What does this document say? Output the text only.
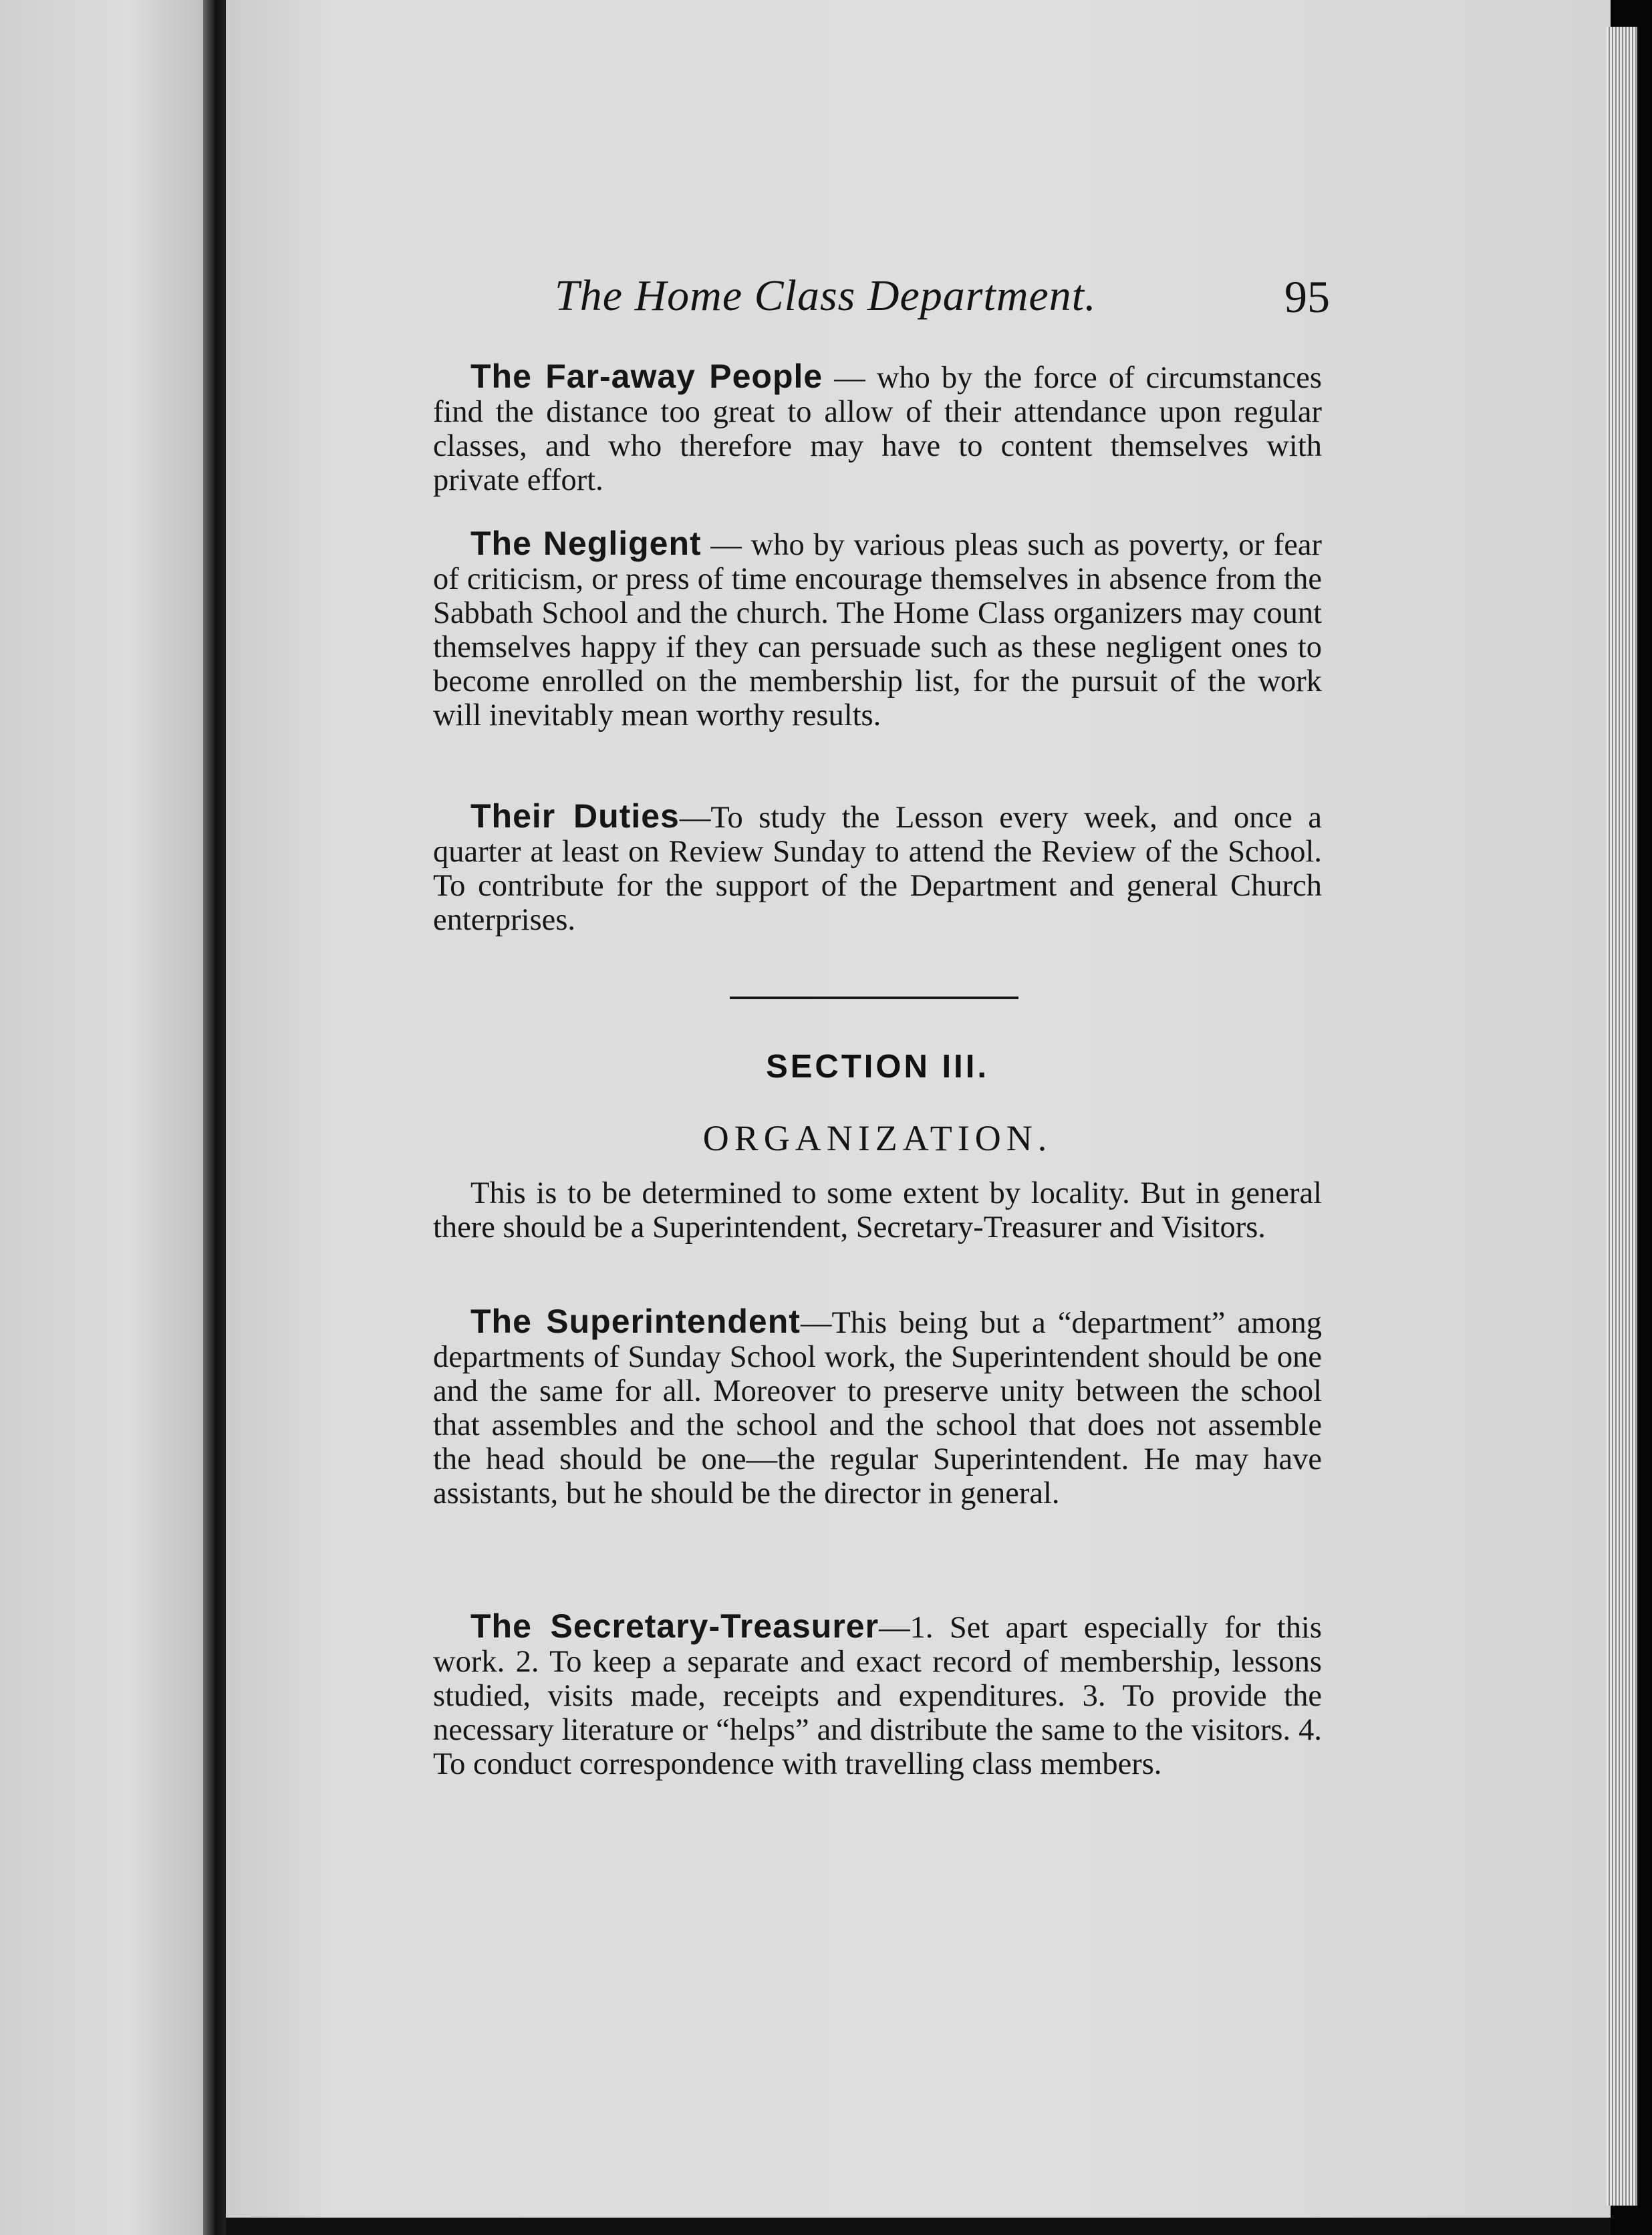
The Home Class Department.	95

The Far-away People — who by the force of circumstances find the distance too great to allow of their attendance upon regular classes, and who therefore may have to content themselves with private effort.

The Negligent — who by various pleas such as poverty, or fear of criticism, or press of time encourage themselves in absence from the Sabbath School and the church. The Home Class organizers may count themselves happy if they can persuade such as these negligent ones to become enrolled on the membership list, for the pursuit of the work will inevitably mean worthy results.

Their Duties—To study the Lesson every week, and once a quarter at least on Review Sunday to attend the Review of the School. To contribute for the support of the Department and general Church enterprises.

SECTION III.
ORGANIZATION.

This is to be determined to some extent by locality. But in general there should be a Superintendent, Secretary-Treasurer and Visitors.

The Superintendent—This being but a “department” among departments of Sunday School work, the Superintendent should be one and the same for all. Moreover to preserve unity between the school that assembles and the school and the school that does not assemble the head should be one—the regular Superintendent. He may have assistants, but he should be the director in general.

The Secretary-Treasurer—1. Set apart especially for this work. 2. To keep a separate and exact record of membership, lessons studied, visits made, receipts and expenditures. 3. To provide the necessary literature or “helps” and distribute the same to the visitors. 4. To conduct correspondence with travelling class members.
